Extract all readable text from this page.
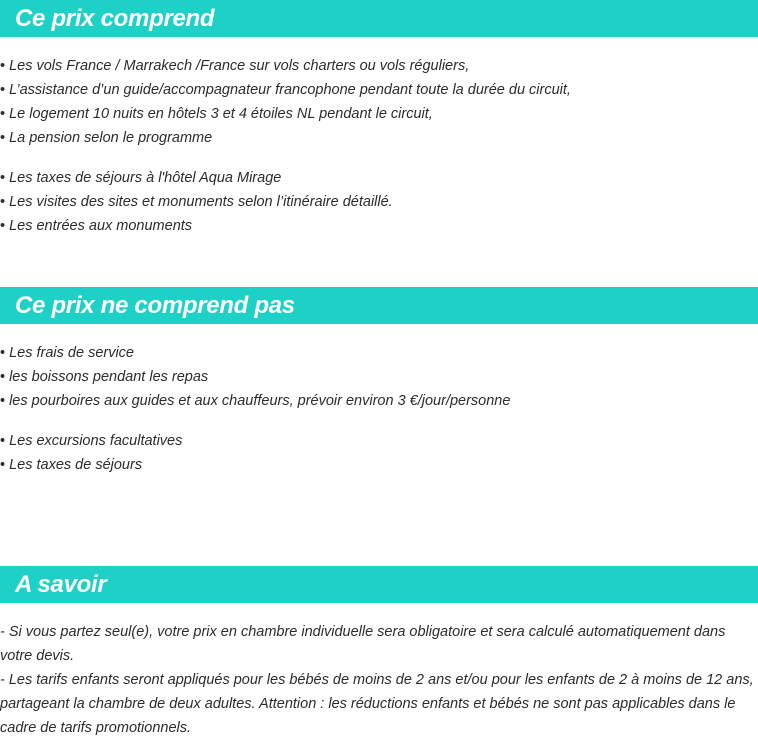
Ce prix comprend
• Les vols France / Marrakech /France sur vols charters ou vols réguliers,
• L’assistance d’un guide/accompagnateur francophone pendant toute la durée du circuit,
• Le logement 10 nuits en hôtels 3 et 4 étoiles NL pendant le circuit,
• La pension selon le programme
• Les taxes de séjours à l'hôtel Aqua Mirage
• Les visites des sites et monuments selon l’itinéraire détaillé.
• Les entrées aux monuments
Ce prix ne comprend pas
• Les frais de service
• les boissons pendant les repas
• les pourboires aux guides et aux chauffeurs, prévoir environ 3 €/jour/personne
• Les excursions facultatives
• Les taxes de séjours
A savoir

- Si vous partez seul(e), votre prix en chambre individuelle sera obligatoire et sera calculé automatiquement dans votre devis.

- Les tarifs enfants seront appliqués pour les bébés de moins de 2 ans et/ou pour les enfants de 2 à moins de 12 ans, partageant la chambre de deux adultes. Attention : les réductions enfants et bébés ne sont pas applicables dans le cadre de tarifs promotionnels.
